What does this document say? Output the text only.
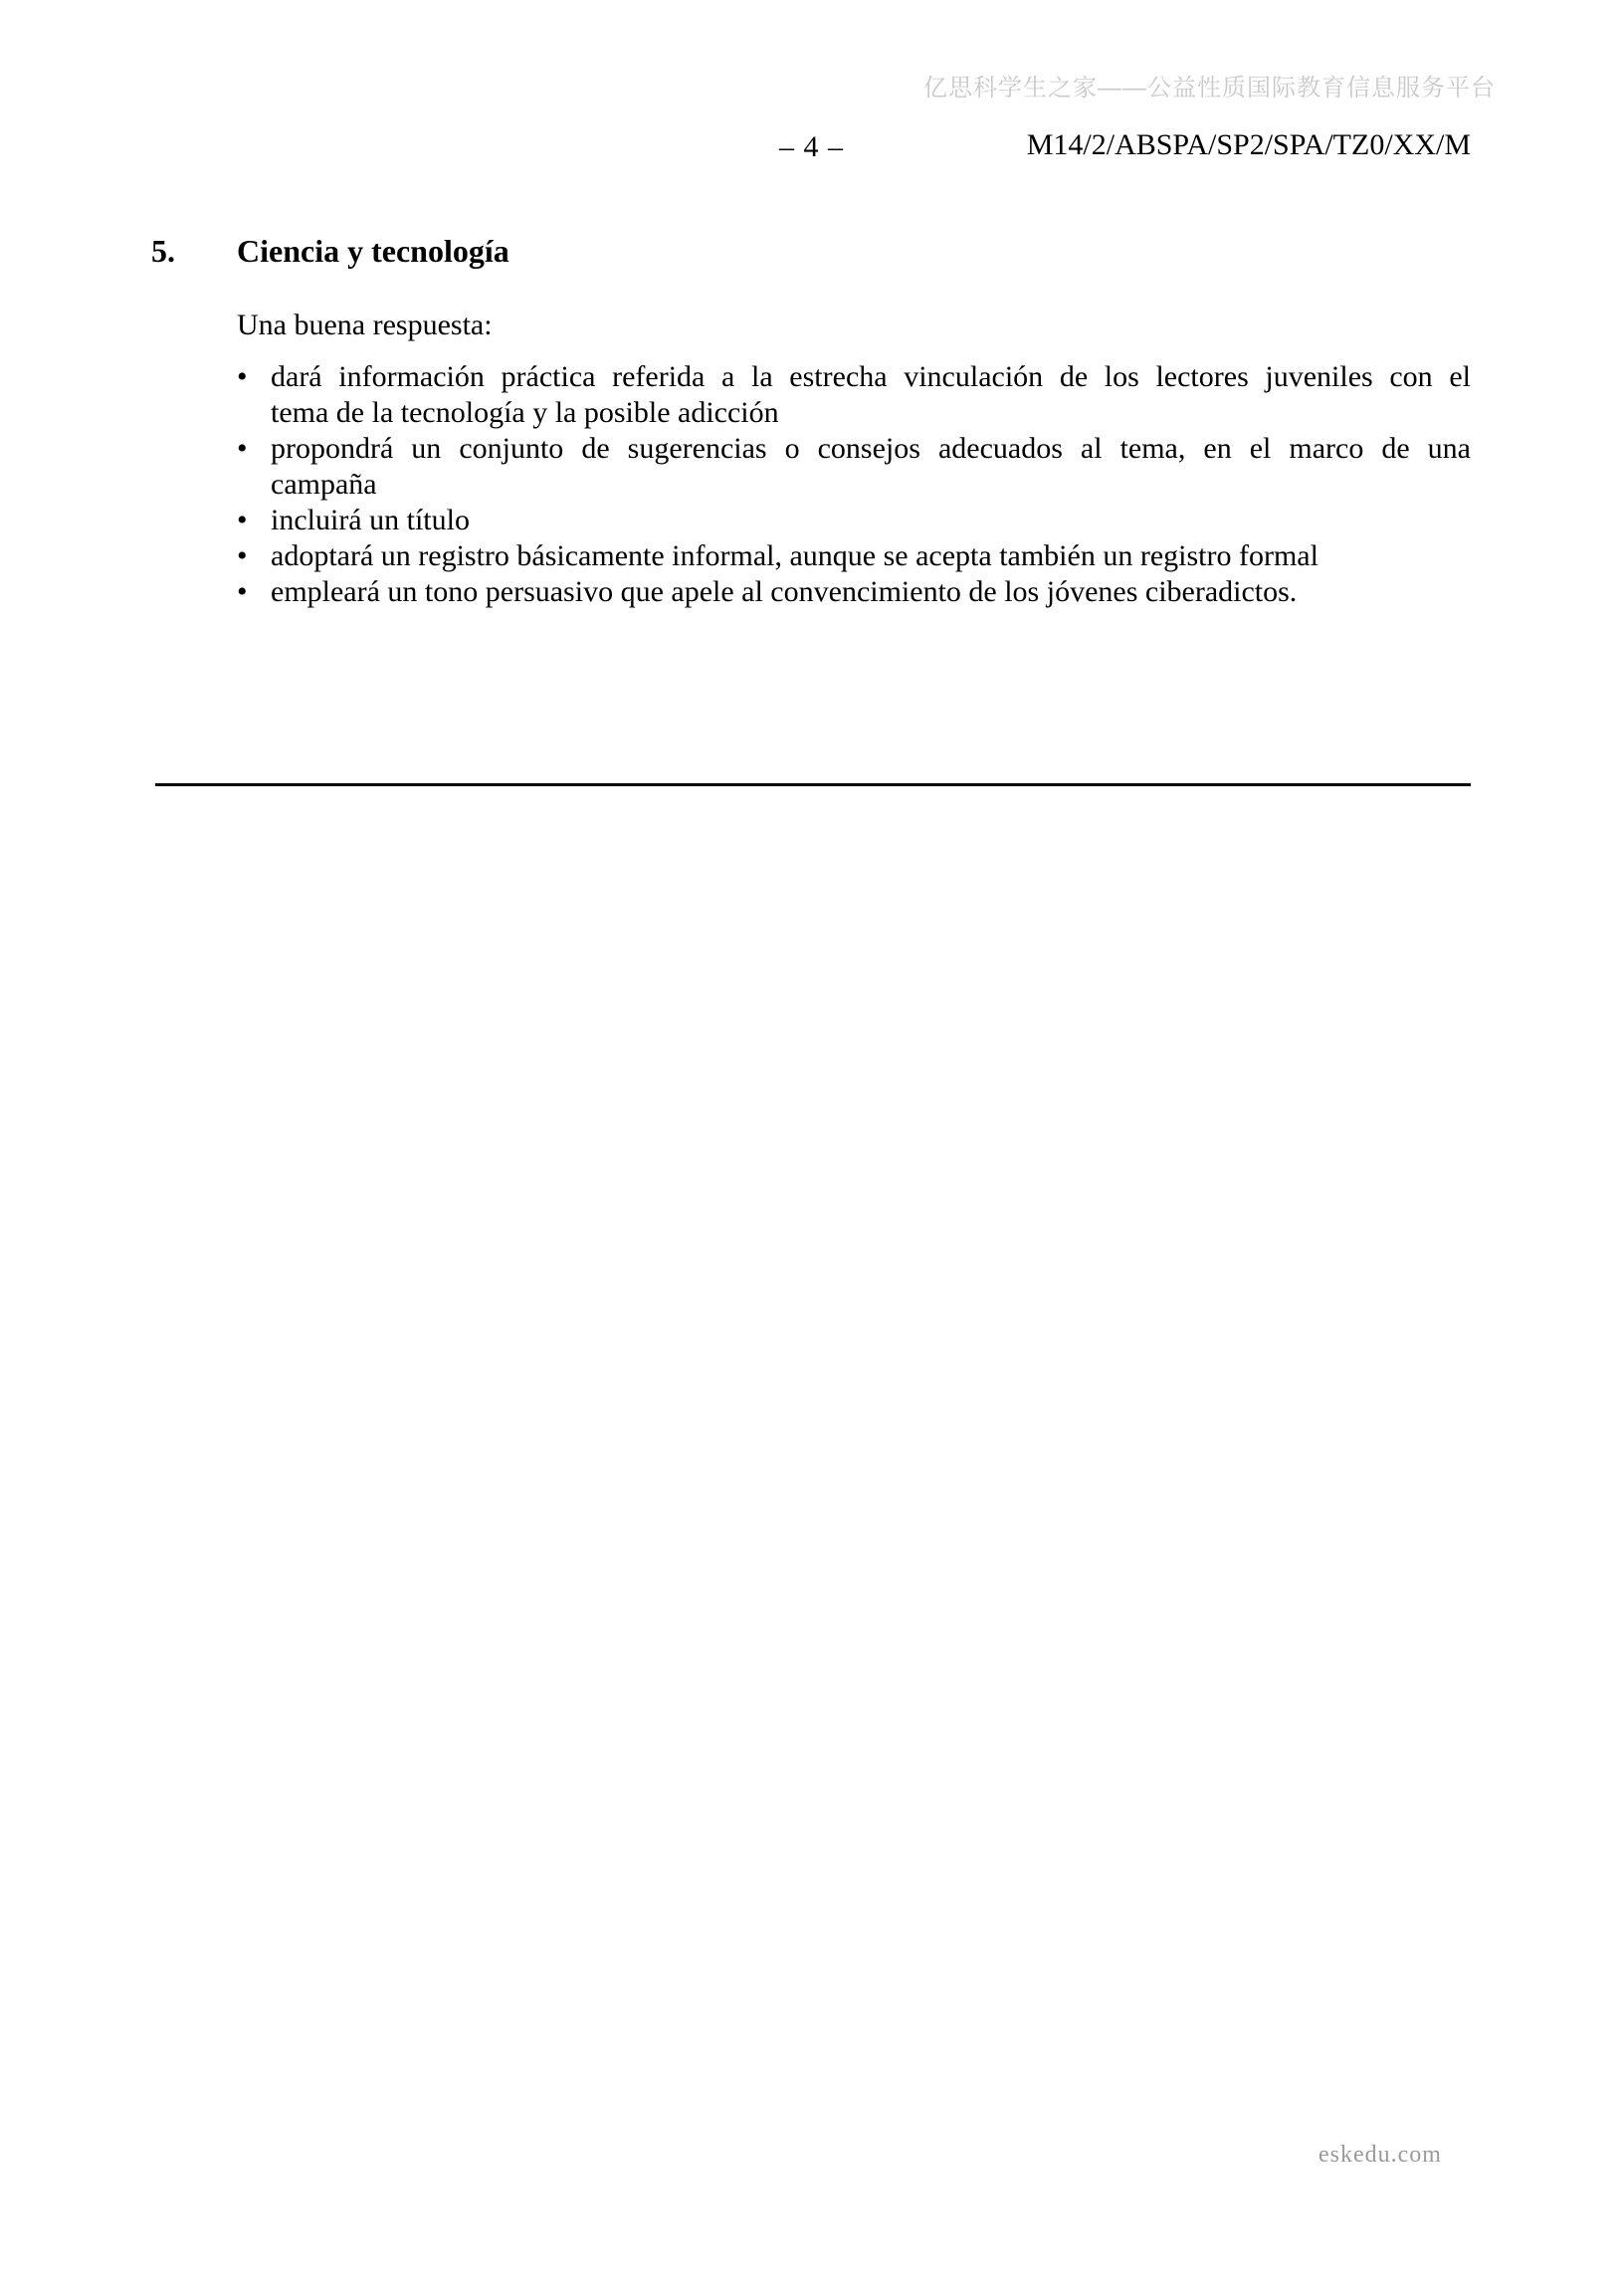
亿思科学生之家——公益性质国际教育信息服务平台
– 4 –	M14/2/ABSPA/SP2/SPA/TZ0/XX/M
5.	Ciencia y tecnología
Una buena respuesta:
• dará información práctica referida a la estrecha vinculación de los lectores juveniles con el
tema de la tecnología y la posible adicción
• propondrá un conjunto de sugerencias o consejos adecuados al tema, en el marco de una
campaña
• incluirá un título
• adoptará un registro básicamente informal, aunque se acepta también un registro formal
• empleará un tono persuasivo que apele al convencimiento de los jóvenes ciberadictos.
eskedu.com
